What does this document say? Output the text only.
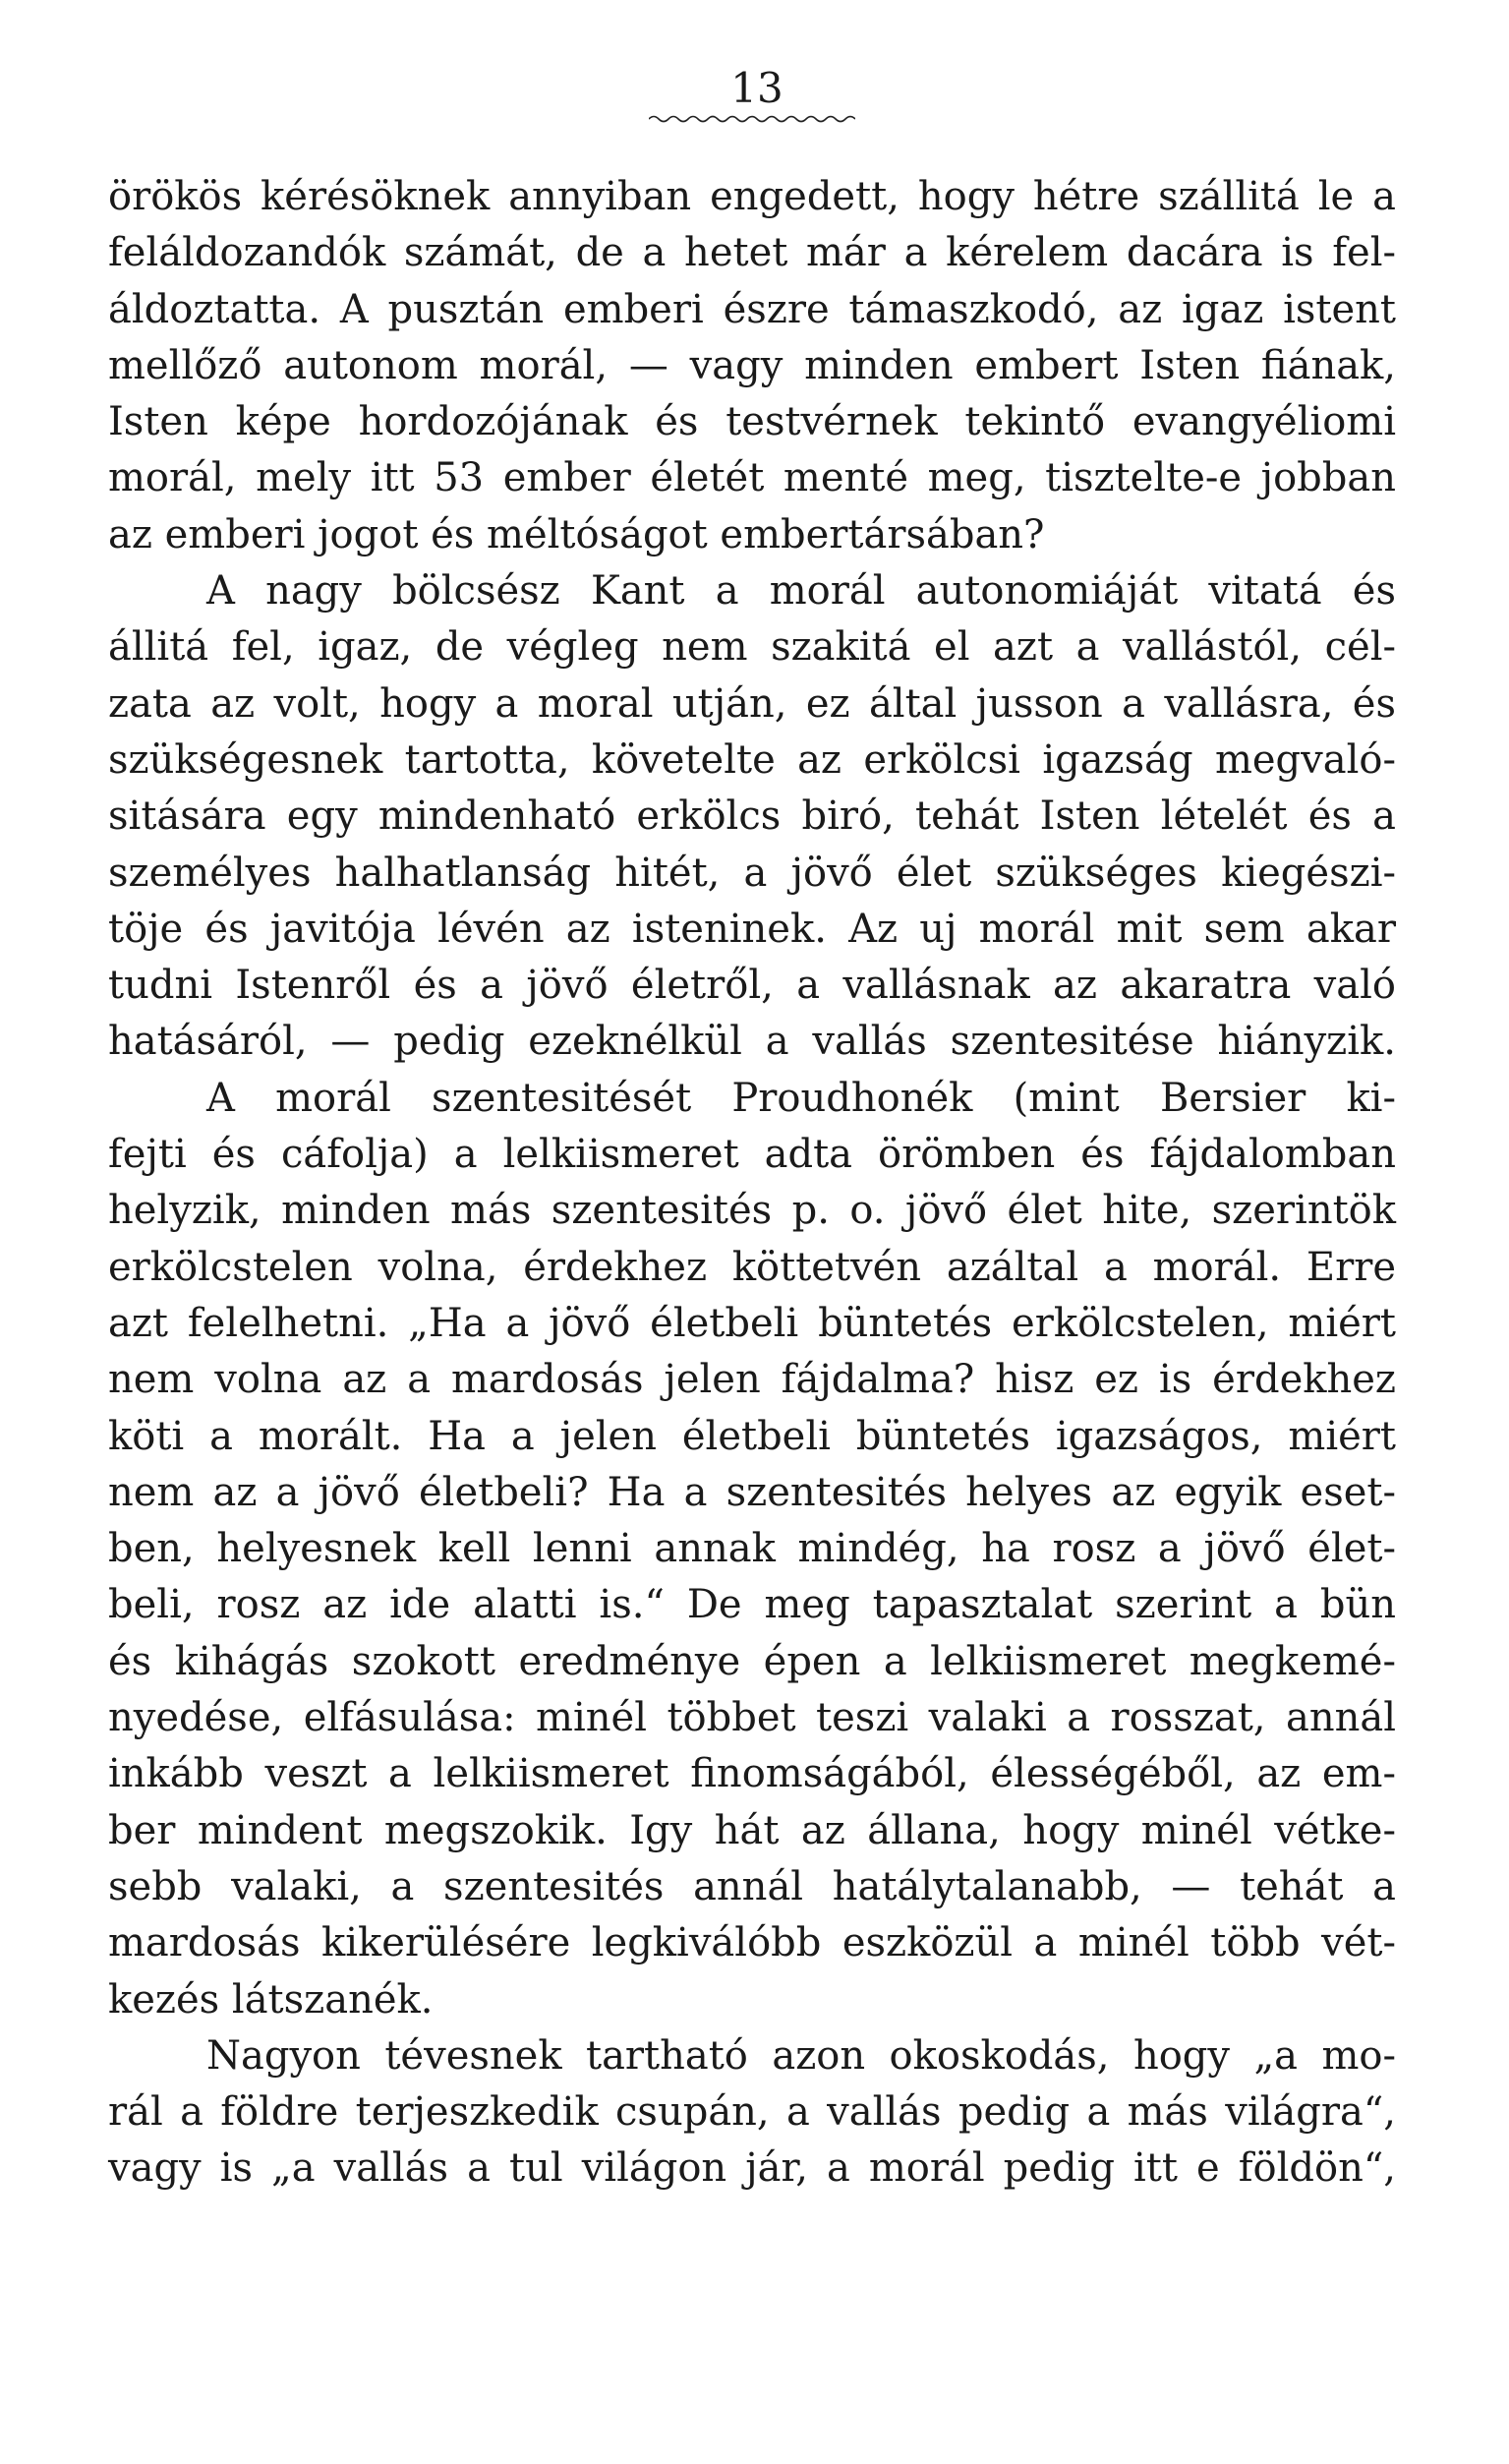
13
örökös kérésöknek annyiban engedett, hogy hétre szállitá le a
feláldozandók számát, de a hetet már a kérelem dacára is fel-
áldoztatta. A pusztán emberi észre támaszkodó, az igaz istent
mellőző autonom morál, — vagy minden embert Isten fiának,
Isten képe hordozójának és testvérnek tekintő evangyéliomi
morál, mely itt 53 ember életét menté meg, tisztelte-e jobban
az emberi jogot és méltóságot embertársában?
A nagy bölcsész Kant a morál autonomiáját vitatá és
állitá fel, igaz, de végleg nem szakitá el azt a vallástól, cél-
zata az volt, hogy a moral utján, ez által jusson a vallásra, és
szükségesnek tartotta, követelte az erkölcsi igazság megvaló-
sitására egy mindenható erkölcs biró, tehát Isten lételét és a
személyes halhatlanság hitét, a jövő élet szükséges kiegészi-
töje és javitója lévén az isteninek. Az uj morál mit sem akar
tudni Istenről és a jövő életről, a vallásnak az akaratra való
hatásáról, — pedig ezeknélkül a vallás szentesitése hiányzik.
A morál szentesitését Proudhonék (mint Bersier ki-
fejti és cáfolja) a lelkiismeret adta örömben és fájdalomban
helyzik, minden más szentesités p. o. jövő élet hite, szerintök
erkölcstelen volna, érdekhez köttetvén azáltal a morál. Erre
azt felelhetni. „Ha a jövő életbeli büntetés erkölcstelen, miért
nem volna az a mardosás jelen fájdalma? hisz ez is érdekhez
köti a morált. Ha a jelen életbeli büntetés igazságos, miért
nem az a jövő életbeli? Ha a szentesités helyes az egyik eset-
ben, helyesnek kell lenni annak mindég, ha rosz a jövő élet-
beli, rosz az ide alatti is.“ De meg tapasztalat szerint a bün
és kihágás szokott eredménye épen a lelkiismeret megkemé-
nyedése, elfásulása: minél többet teszi valaki a rosszat, annál
inkább veszt a lelkiismeret finomságából, élességéből, az em-
ber mindent megszokik. Igy hát az állana, hogy minél vétke-
sebb valaki, a szentesités annál hatálytalanabb, — tehát a
mardosás kikerülésére legkiválóbb eszközül a minél több vét-
kezés látszanék.
Nagyon tévesnek tartható azon okoskodás, hogy „a mo-
rál a földre terjeszkedik csupán, a vallás pedig a más világra“,
vagy is „a vallás a tul világon jár, a morál pedig itt e földön“,
